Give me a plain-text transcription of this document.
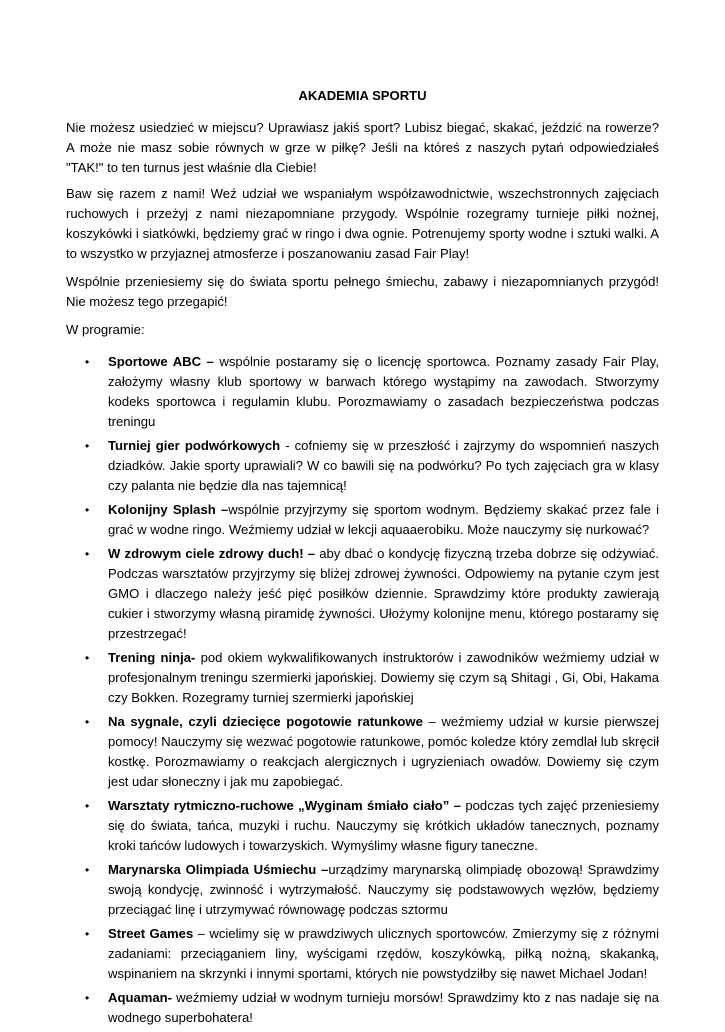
AKADEMIA SPORTU

Nie możesz usiedzieć w miejscu? Uprawiasz jakiś sport? Lubisz biegać, skakać, jeździć na rowerze? A może nie masz sobie równych w grze w piłkę? Jeśli na któreś z naszych pytań odpowiedziałeś "TAK!" to ten turnus jest właśnie dla Ciebie!

Baw się razem z nami! Weź udział we wspaniałym współzawodnictwie, wszechstronnych zajęciach ruchowych i przeżyj z nami niezapomniane przygody. Wspólnie rozegramy turnieje piłki nożnej, koszykówki i siatkówki, będziemy grać w ringo i dwa ognie. Potrenujemy sporty wodne i sztuki walki. A to wszystko w przyjaznej atmosferze i poszanowaniu zasad Fair Play!

Wspólnie przeniesiemy się do świata sportu pełnego śmiechu, zabawy i niezapomnianych przygód! Nie możesz tego przegapić!

W programie:

• Sportowe ABC – wspólnie postaramy się o licencję sportowca. Poznamy zasady Fair Play, założymy własny klub sportowy w barwach którego wystąpimy na zawodach. Stworzymy kodeks sportowca i regulamin klubu. Porozmawiamy o zasadach bezpieczeństwa podczas treningu
• Turniej gier podwórkowych - cofniemy się w przeszłość i zajrzymy do wspomnień naszych dziadków. Jakie sporty uprawiali? W co bawili się na podwórku? Po tych zajęciach gra w klasy czy palanta nie będzie dla nas tajemnicą!
• Kolonijny Splash –wspólnie przyjrzymy się sportom wodnym. Będziemy skakać przez fale i grać w wodne ringo. Weźmiemy udział w lekcji aquaaerobiku. Może nauczymy się nurkować?
• W zdrowym ciele zdrowy duch! – aby dbać o kondycję fizyczną trzeba dobrze się odżywiać. Podczas warsztatów przyjrzymy się bliżej zdrowej żywności. Odpowiemy na pytanie czym jest GMO i dlaczego należy jeść pięć posiłków dziennie. Sprawdzimy które produkty zawierają cukier i stworzymy własną piramidę żywności. Ułożymy kolonijne menu, którego postaramy się przestrzegać!
• Trening ninja- pod okiem wykwalifikowanych instruktorów i zawodników weźmiemy udział w profesjonalnym treningu szermierki japońskiej. Dowiemy się czym są Shitagi , Gi, Obi, Hakama czy Bokken. Rozegramy turniej szermierki japońskiej
• Na sygnale, czyli dziecięce pogotowie ratunkowe – weźmiemy udział w kursie pierwszej pomocy! Nauczymy się wezwać pogotowie ratunkowe, pomóc koledze który zemdlał lub skręcił kostkę. Porozmawiamy o reakcjach alergicznych i ugryzieniach owadów. Dowiemy się czym jest udar słoneczny i jak mu zapobiegać.
• Warsztaty rytmiczno-ruchowe „Wyginam śmiało ciało” – podczas tych zajęć przeniesiemy się do świata, tańca, muzyki i ruchu. Nauczymy się krótkich układów tanecznych, poznamy kroki tańców ludowych i towarzyskich. Wymyślimy własne figury taneczne.
• Marynarska Olimpiada Uśmiechu –urządzimy marynarską olimpiadę obozową! Sprawdzimy swoją kondycję, zwinność i wytrzymałość. Nauczymy się podstawowych węzłów, będziemy przeciągać linę i utrzymywać równowagę podczas sztormu
• Street Games – wcielimy się w prawdziwych ulicznych sportowców. Zmierzymy się z różnymi zadaniami: przeciąganiem liny, wyścigami rzędów, koszykówką, piłką nożną, skakanką, wspinaniem na skrzynki i innymi sportami, których nie powstydziłby się nawet Michael Jodan!
• Aquaman- weźmiemy udział w wodnym turnieju morsów! Sprawdzimy kto z nas nadaje się na wodnego superbohatera!
